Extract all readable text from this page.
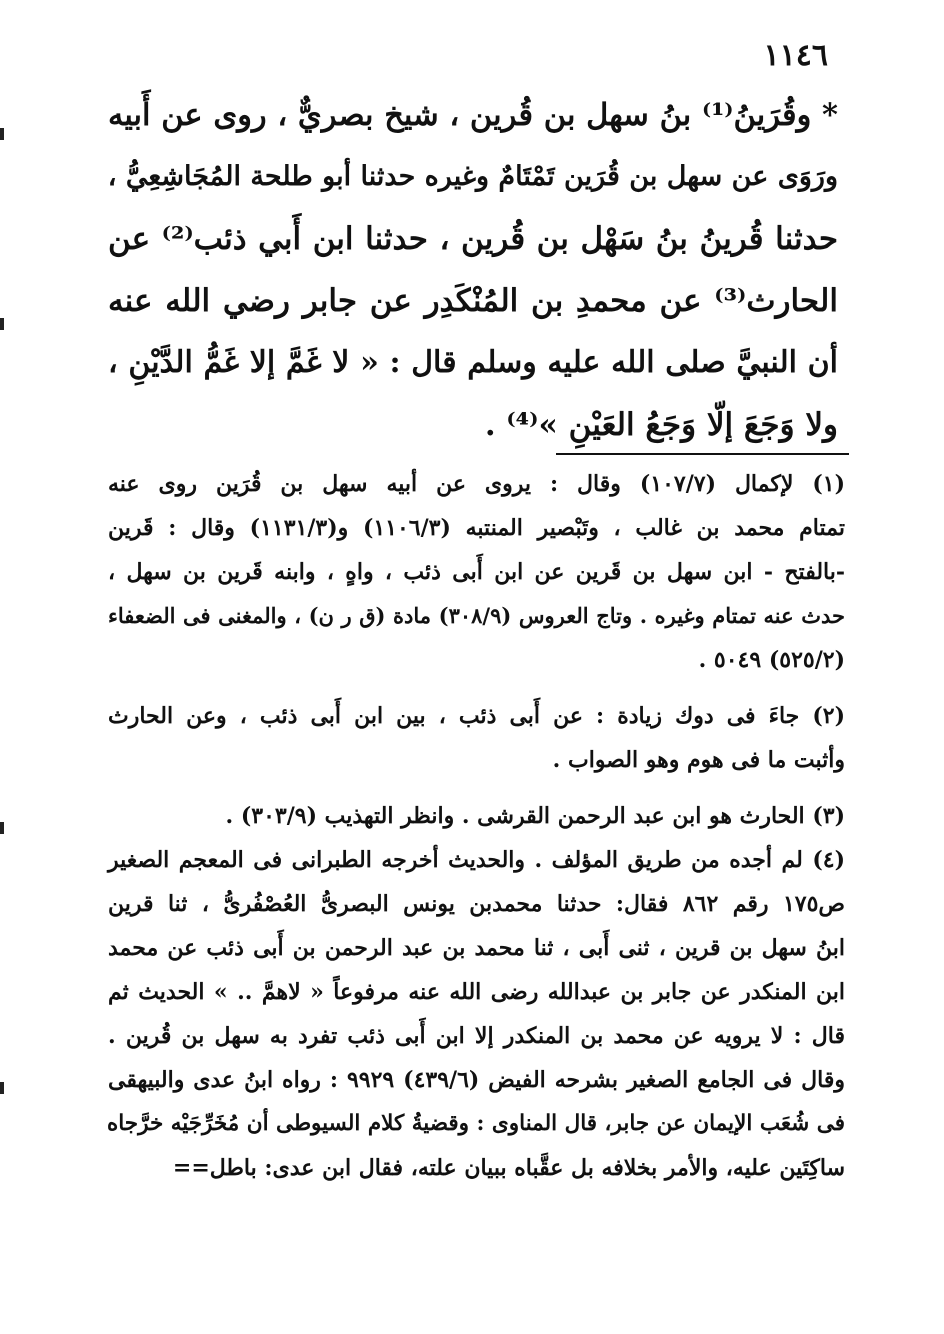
١١٤٦
* وقُرَينُ⁽¹⁾ بنُ سهل بن قُرين ، شيخ بصريٌّ ، روى عن أَبيه
ورَوَى عن سهل بن قُرَين تَمْتَامٌ وغيره حدثنا أبو طلحة المُجَاشِعِيُّ ،
حدثنا قُرينُ بنُ سَهْل بن قُرين ، حدثنا ابن أَبي ذئب⁽²⁾ عن
الحارث⁽³⁾ عن محمدِ بن المُنْكَدِر عن جابر رضي الله عنه
أن النبيَّ صلى الله عليه وسلم قال : « لا غَمَّ إلا غَمُّ الدَّيْنِ ،
ولا وَجَعَ إلّا وَجَعُ العَيْنِ »⁽⁴⁾ .
(١) لإكمال (١٠٧/٧) وقال : يروى عن أبيه سهل بن قُرَين روى عنه
تمتام محمد بن غالب ، وتَبْصير المنتبه (١١٠٦/٣) و(١١٣١/٣) وقال : قَرين
-بالفتح - ابن سهل بن قَرين عن ابن أَبى ذئب ، واهٍ ، وابنه قَرين بن سهل ،
حدث عنه تمتام وغيره . وتاج العروس (٣٠٨/٩) مادة (ق ر ن) ، والمغنى فى الضعفاء
(٥٢٥/٢) ٥٠٤٩ .
(٢) جاءَ فى دوك زيادة : عن أَبى ذئب ، بين ابن أَبى ذئب ، وعن الحارث
وأثبت ما فى هوم وهو الصواب .
(٣) الحارث هو ابن عبد الرحمن القرشى . وانظر التهذيب (٣٠٣/٩) .
(٤) لم أجده من طريق المؤلف . والحديث أخرجه الطبرانى فى المعجم الصغير
ص١٧٥ رقم ٨٦٢ فقال: حدثنا محمدبن يونس البصرىُّ العُصْفُرىُّ ، ثنا قرين
ابنُ سهل بن قرين ، ثنى أَبى ، ثنا محمد بن عبد الرحمن بن أَبى ذئب عن محمد
ابن المنكدر عن جابر بن عبدالله رضى الله عنه مرفوعاً « لاهمَّ .. » الحديث ثم
قال : لا يرويه عن محمد بن المنكدر إلا ابن أَبى ذئب تفرد به سهل بن قُرين .
وقال فى الجامع الصغير بشرحه الفيض (٤٣٩/٦) ٩٩٢٩ : رواه ابنُ عدى والبيهقى
فى شُعَب الإيمان عن جابر، قال المناوى : وقضيةُ كلام السيوطى أن مُخَرِّجَيْه خرَّجاه
ساكِتَين عليه، والأمر بخلافه بل عقَّباه ببيان علته، فقال ابن عدى: باطل==
